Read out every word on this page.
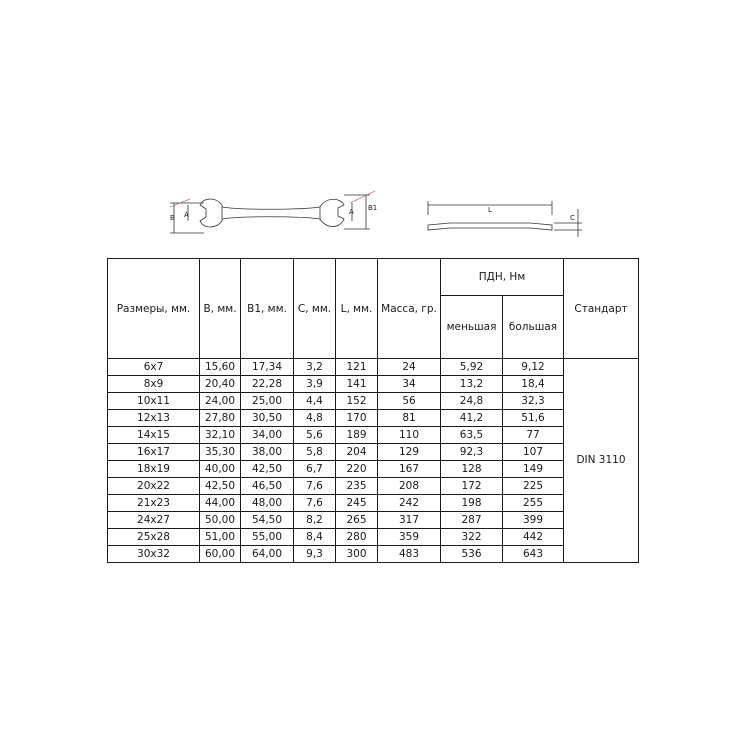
B A	A B1	L
C
Размеры, мм.	B, мм.	B1, мм.	C, мм.	L, мм.	Масса, гр.	ПДН, Нм		Стандарт
						меньшая	большая	
6x7	15,60	17,34	3,2	121	24	5,92	9,12	DIN 3110
8x9	20,40	22,28	3,9	141	34	13,2	18,4	
10x11	24,00	25,00	4,4	152	56	24,8	32,3	
12x13	27,80	30,50	4,8	170	81	41,2	51,6	
14x15	32,10	34,00	5,6	189	110	63,5	77	
16x17	35,30	38,00	5,8	204	129	92,3	107	
18x19	40,00	42,50	6,7	220	167	128	149	
20x22	42,50	46,50	7,6	235	208	172	225	
21x23	44,00	48,00	7,6	245	242	198	255	
24x27	50,00	54,50	8,2	265	317	287	399	
25x28	51,00	55,00	8,4	280	359	322	442	
30x32	60,00	64,00	9,3	300	483	536	643	
